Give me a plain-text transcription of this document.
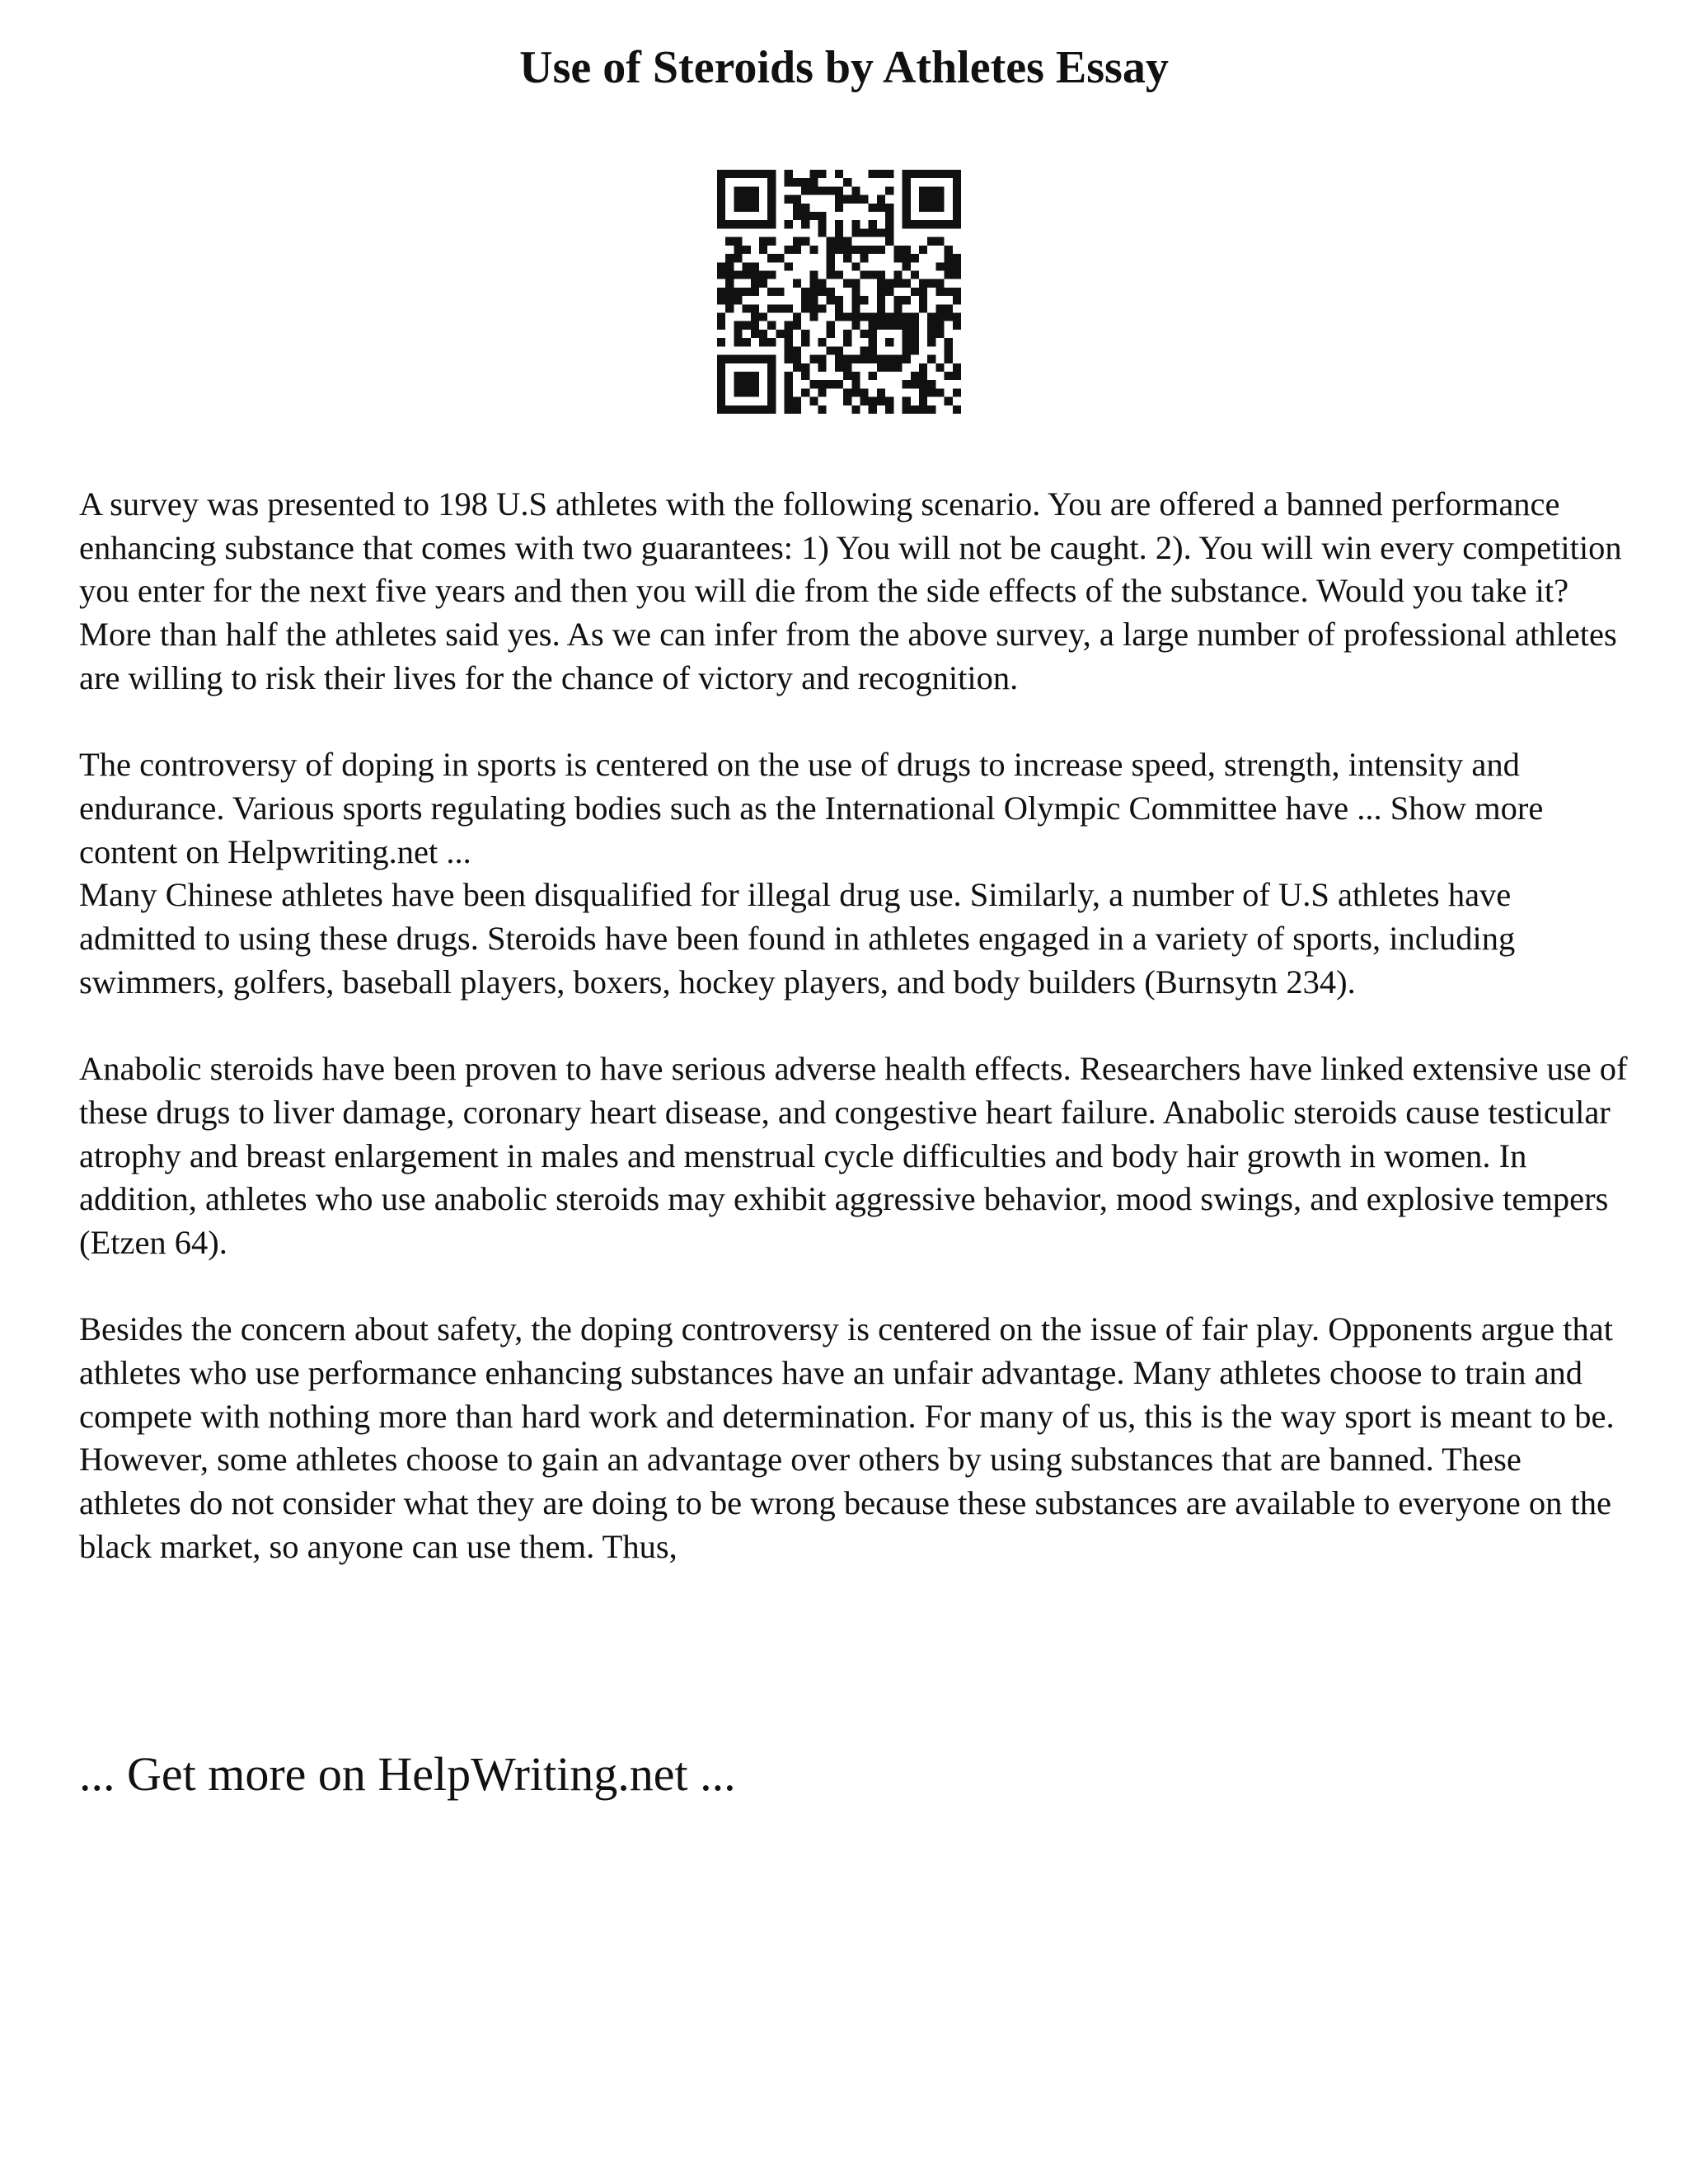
Use of Steroids by Athletes Essay

A survey was presented to 198 U.S athletes with the following scenario. You are offered a banned performance enhancing substance that comes with two guarantees: 1) You will not be caught. 2). You will win every competition you enter for the next five years and then you will die from the side effects of the substance. Would you take it? More than half the athletes said yes. As we can infer from the above survey, a large number of professional athletes are willing to risk their lives for the chance of victory and recognition.

The controversy of doping in sports is centered on the use of drugs to increase speed, strength, intensity and endurance. Various sports regulating bodies such as the International Olympic Committee have ... Show more content on Helpwriting.net ...

Many Chinese athletes have been disqualified for illegal drug use. Similarly, a number of U.S athletes have admitted to using these drugs. Steroids have been found in athletes engaged in a variety of sports, including swimmers, golfers, baseball players, boxers, hockey players, and body builders (Burnsytn 234).

Anabolic steroids have been proven to have serious adverse health effects. Researchers have linked extensive use of these drugs to liver damage, coronary heart disease, and congestive heart failure. Anabolic steroids cause testicular atrophy and breast enlargement in males and menstrual cycle difficulties and body hair growth in women. In addition, athletes who use anabolic steroids may exhibit aggressive behavior, mood swings, and explosive tempers (Etzen 64).

Besides the concern about safety, the doping controversy is centered on the issue of fair play. Opponents argue that athletes who use performance enhancing substances have an unfair advantage. Many athletes choose to train and compete with nothing more than hard work and determination. For many of us, this is the way sport is meant to be. However, some athletes choose to gain an advantage over others by using substances that are banned. These athletes do not consider what they are doing to be wrong because these substances are available to everyone on the black market, so anyone can use them. Thus,

... Get more on HelpWriting.net ...
